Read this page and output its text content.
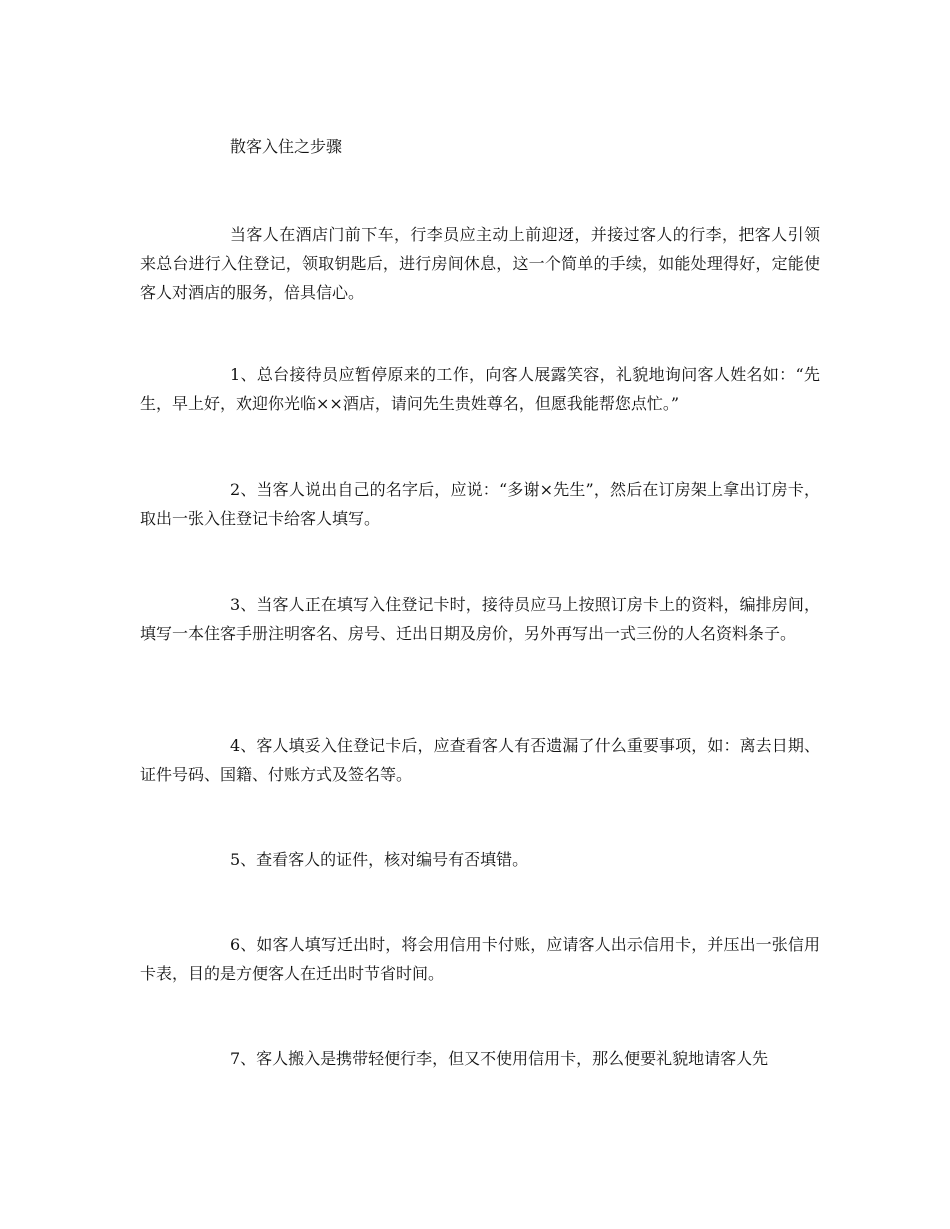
散客入住之步骤

当客人在酒店门前下车，行李员应主动上前迎迓，并接过客人的行李，把客人引领来总台进行入住登记，领取钥匙后，进行房间休息，这一个简单的手续，如能处理得好，定能使客人对酒店的服务，倍具信心。

1、总台接待员应暂停原来的工作，向客人展露笑容，礼貌地询问客人姓名如：“先生，早上好，欢迎你光临××酒店，请问先生贵姓尊名，但愿我能帮您点忙。”

2、当客人说出自己的名字后，应说：“多谢×先生”，然后在订房架上拿出订房卡，取出一张入住登记卡给客人填写。

3、当客人正在填写入住登记卡时，接待员应马上按照订房卡上的资料，编排房间，填写一本住客手册注明客名、房号、迁出日期及房价，另外再写出一式三份的人名资料条子。

4、客人填妥入住登记卡后，应查看客人有否遗漏了什么重要事项，如：离去日期、证件号码、国籍、付账方式及签名等。

5、查看客人的证件，核对编号有否填错。

6、如客人填写迁出时，将会用信用卡付账，应请客人出示信用卡，并压出一张信用卡表，目的是方便客人在迁出时节省时间。

7、客人搬入是携带轻便行李，但又不使用信用卡，那么便要礼貌地请客人先
